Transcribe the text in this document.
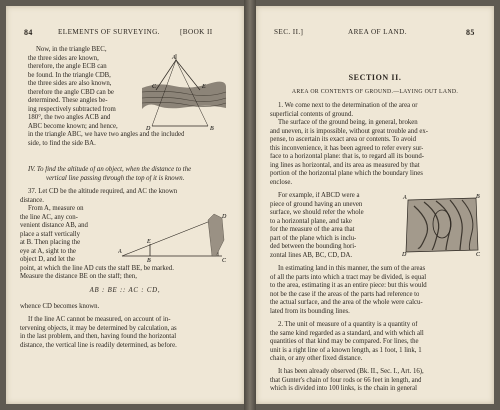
84	ELEMENTS OF SURVEYING.	[BOOK II
Now, in the triangle BEC,
the three sides are known,
therefore, the angle ECB can
be found. In the triangle CDB,
the three sides are also known,
therefore the angle CBD can be
determined. These angles be-
ing respectively subtracted from
180°, the two angles ACB and
ABC become known; and hence,
in the triangle ABC, we have two angles and the included
side, to find the side BA.
A
D	B
C	E
IV. To find the altitude of an object, when the distance to the
vertical line passing through the top of it is known.
37. Let CD be the altitude required, and AC the known
distance.
From A, measure on
the line AC, any con-
venient distance AB, and
place a staff vertically
at B. Then placing the
eye at A, sight to the
object D, and let the
point, at which the line AD cuts the staff BE, be marked.
Measure the distance BE on the staff; then,
A
E
B
D
C
AB : BE :: AC : CD,
whence CD becomes known.
If the line AC cannot be measured, on account of in-
tervening objects, it may be determined by calculation, as
in the last problem, and then, having found the horizontal
distance, the vertical line is readily determined, as before.
SEC. II.]	AREA OF LAND.	85
SECTION II.
AREA OR CONTENTS OF GROUND.—LAYING OUT LAND.
1. We come next to the determination of the area or
superficial contents of ground.
The surface of the ground being, in general, broken
and uneven, it is impossible, without great trouble and ex-
pense, to ascertain its exact area or contents. To avoid
this inconvenience, it has been agreed to refer every sur-
face to a horizontal plane: that is, to regard all its bound-
ing lines as horizontal, and its area as measured by that
portion of the horizontal plane which the boundary lines
enclose.
For example, if ABCD were a
piece of ground having an uneven
surface, we should refer the whole
to a horizontal plane, and take
for the measure of the area that
part of the plane which is inclu-
ded between the bounding hori-
zontal lines AB, BC, CD, DA.
A	B
C
D
In estimating land in this manner, the sum of the areas
of all the parts into which a tract may be divided, is equal
to the area, estimating it as an entire piece: but this would
not be the case if the areas of the parts had reference to
the actual surface, and the area of the whole were calcu-
lated from its bounding lines.
2. The unit of measure of a quantity is a quantity of
the same kind regarded as a standard, and with which all
quantities of that kind may be compared. For lines, the
unit is a right line of a known length, as 1 foot, 1 link, 1
chain, or any other fixed distance.
It has been already observed (Bk. II., Sec. I., Art. 16),
that Gunter's chain of four rods or 66 feet in length, and
which is divided into 100 links, is the chain in general
